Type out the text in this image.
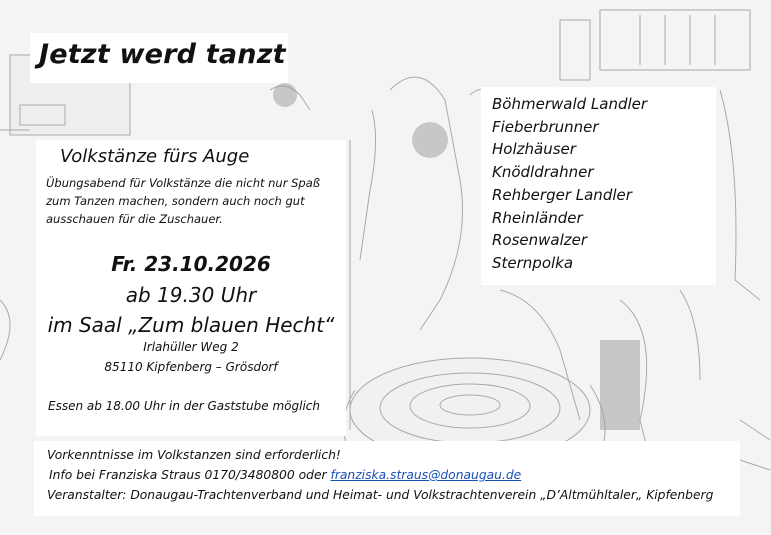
Jetzt werd tanzt
Volkstänze fürs Auge
Übungsabend für Volkstänze die nicht nur Spaß zum Tanzen machen, sondern auch noch gut ausschauen für die Zuschauer.
Fr. 23.10.2026
ab 19.30 Uhr
im Saal „Zum blauen Hecht“
Irlahüller Weg 2
85110 Kipfenberg – Grösdorf
Essen ab 18.00 Uhr in der Gaststube möglich
Böhmerwald Landler
Fieberbrunner
Holzhäuser
Knödldrahner
Rehberger Landler
Rheinländer
Rosenwalzer
Sternpolka
Vorkenntnisse im Volkstanzen sind erforderlich!
Info bei Franziska Straus 0170/3480800 oder franziska.straus@donaugau.de
Veranstalter: Donaugau-Trachtenverband und Heimat- und Volkstrachtenverein „D’Altmühltaler„ Kipfenberg
